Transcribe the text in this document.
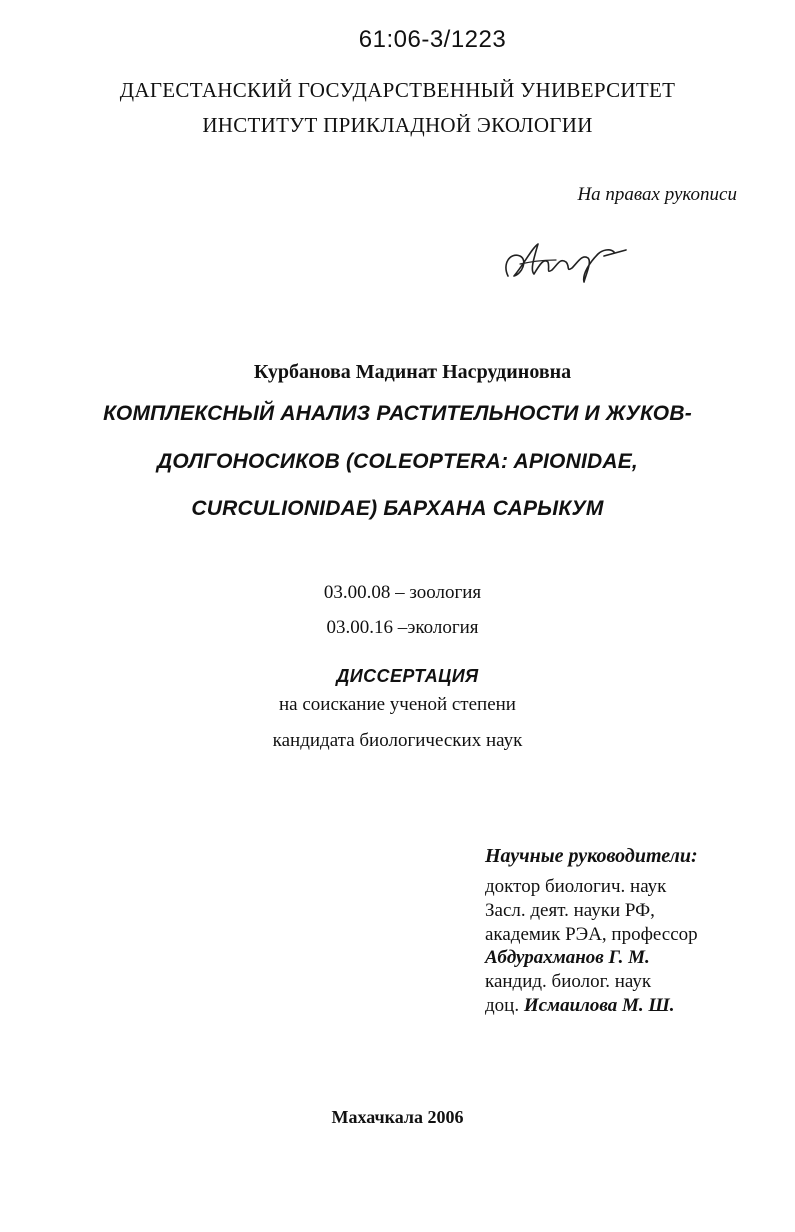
61:06-3/1223
ДАГЕСТАНСКИЙ ГОСУДАРСТВЕННЫЙ УНИВЕРСИТЕТ
ИНСТИТУТ ПРИКЛАДНОЙ ЭКОЛОГИИ
На правах рукописи
Курбанова Мадинат Насрудиновна
КОМПЛЕКСНЫЙ АНАЛИЗ РАСТИТЕЛЬНОСТИ И ЖУКОВ-
ДОЛГОНОСИКОВ (COLEOPTERA: APIONIDAE,
CURCULIONIDAE) БАРХАНА САРЫКУМ
03.00.08 – зоология
03.00.16 –экология
ДИССЕРТАЦИЯ
на соискание ученой степени
кандидата биологических наук
Научные руководители:
доктор биологич. наук
Засл. деят. науки РФ,
академик РЭА, профессор
Абдурахманов Г. М.
кандид. биолог. наук
доц. Исмаилова М. Ш.
Махачкала 2006
